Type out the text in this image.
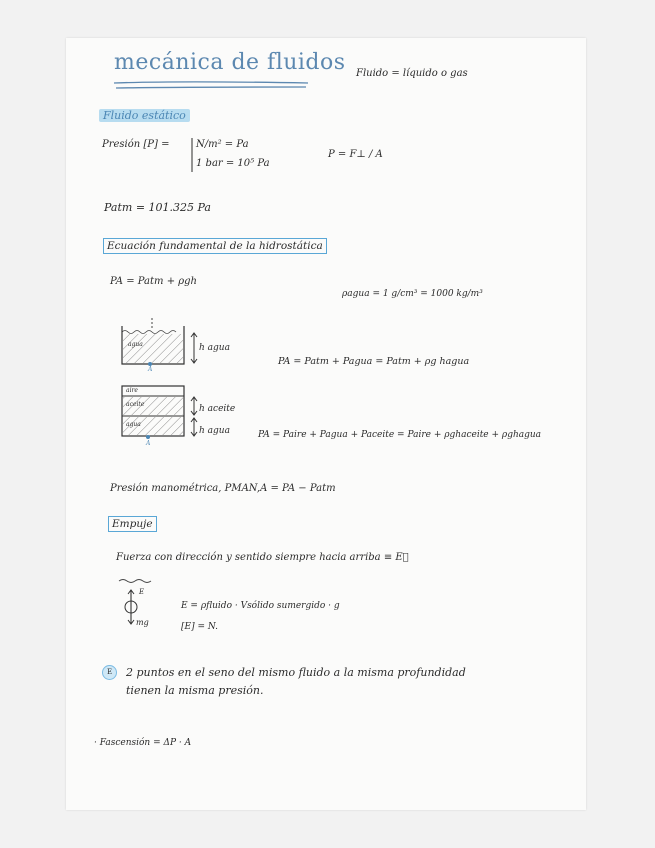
mecánica de fluidos Fluido = líquido o gas
Fluido estático
Presión [P] =	N/m² = Pa
1 bar = 10⁵ Pa
P = F⊥ / A
Patm = 101.325 Pa
Ecuación fundamental de la hidrostática
PA = Patm + ρgh
ρagua = 1 g/cm³ = 1000 kg/m³
agua
A
h agua
PA = Patm + Pagua = Patm + ρg hagua
aire
aceite
agua
A
h aceite
h agua	PA = Paire + Pagua + Paceite = Paire + ρghaceite + ρghagua
Presión manométrica, PMAN,A = PA − Patm
Empuje
Fuerza con dirección y sentido siempre hacia arriba ≡ E⃗
E
mg
E = ρfluido · Vsólido sumergido · g
[E] = N.
E	2 puntos en el seno del mismo fluido a la misma profundidad
tienen la misma presión.
· Fascensión = ΔP · A
